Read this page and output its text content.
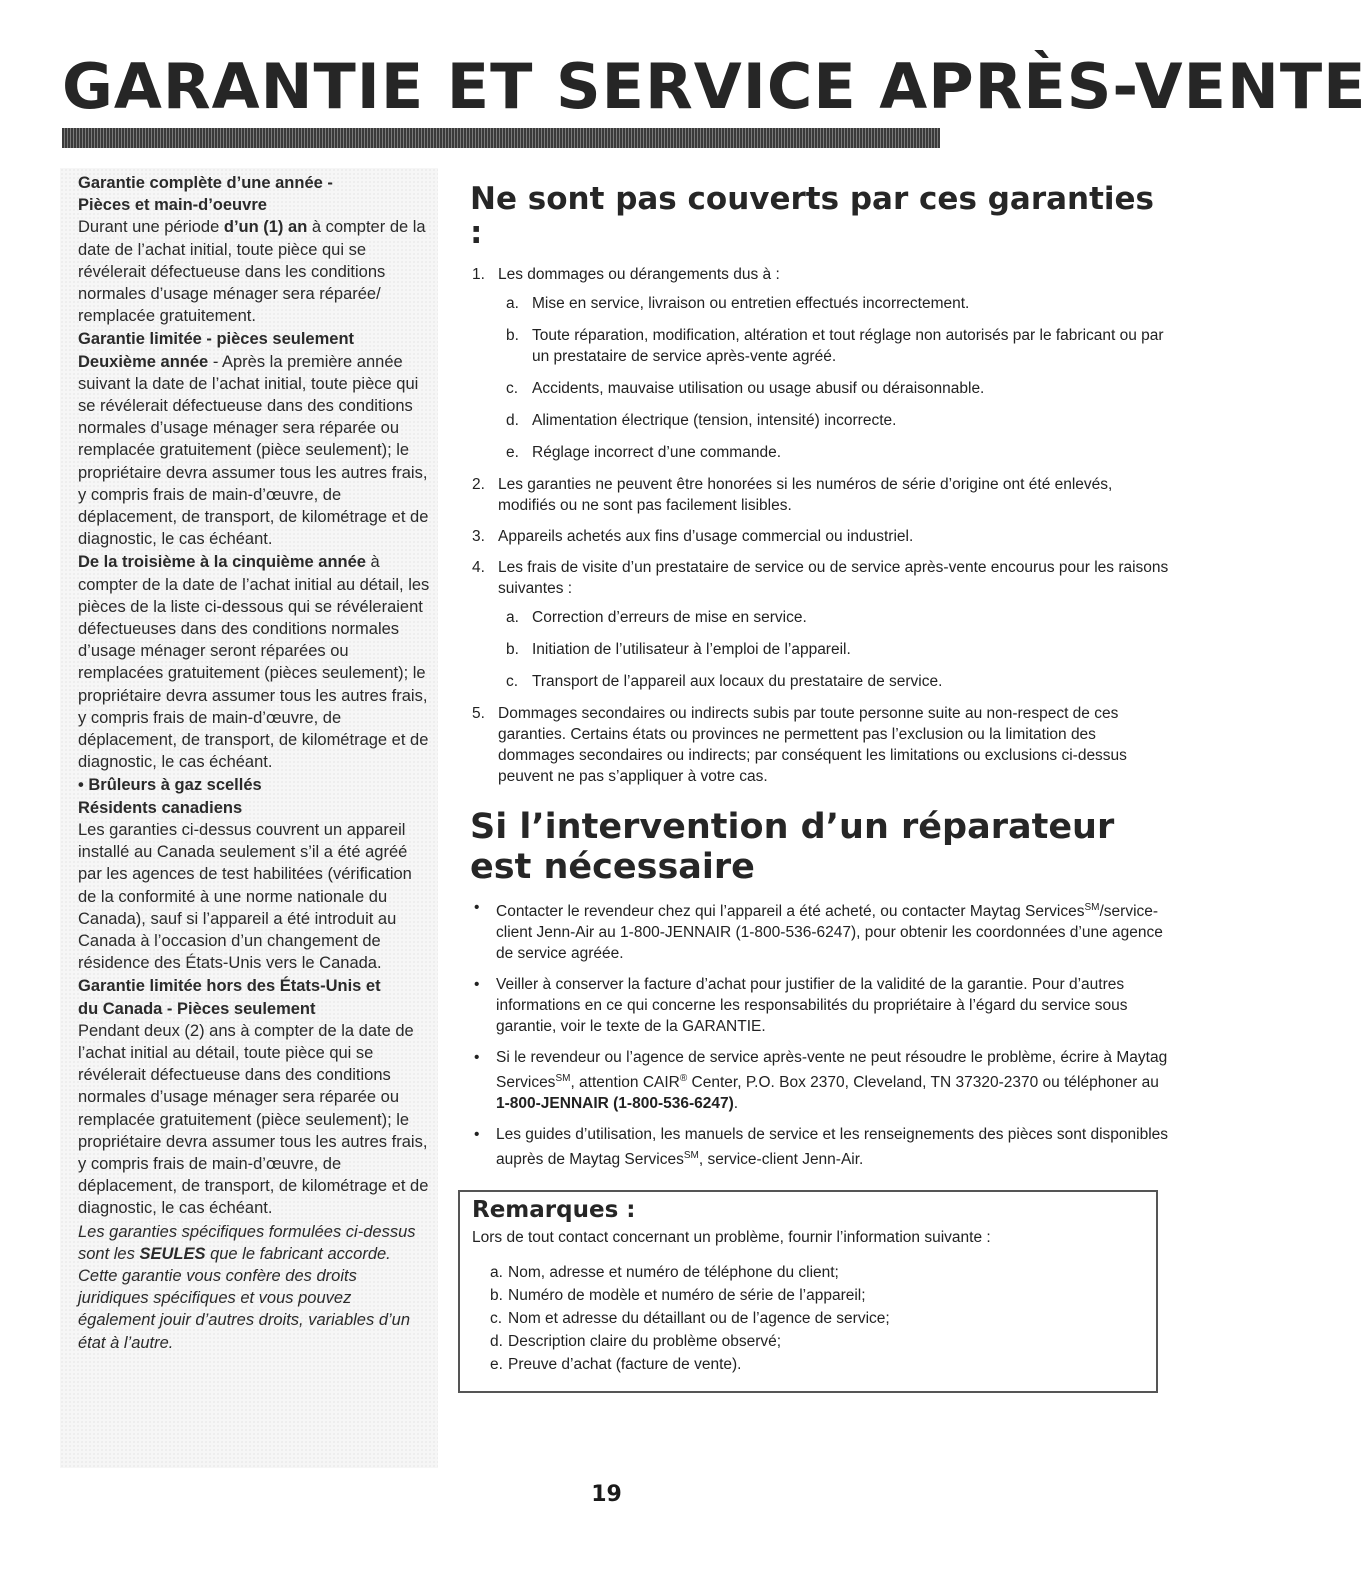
GARANTIE ET SERVICE APRÈS-VENTE

Garantie complète d’une année -

Pièces et main-d’oeuvre

Durant une période d’un (1) an à compter de la date de l’achat initial, toute pièce qui se révélerait défectueuse dans les conditions normales d’usage ménager sera réparée/ remplacée gratuitement.

Garantie limitée - pièces seulement

Deuxième année - Après la première année suivant la date de l’achat initial, toute pièce qui se révélerait défectueuse dans des conditions normales d’usage ménager sera réparée ou remplacée gratuitement (pièce seulement); le propriétaire devra assumer tous les autres frais, y compris frais de main-d’œuvre, de déplacement, de transport, de kilométrage et de diagnostic, le cas échéant.

De la troisième à la cinquième année à compter de la date de l’achat initial au détail, les pièces de la liste ci-dessous qui se révéleraient défectueuses dans des conditions normales d’usage ménager seront réparées ou remplacées gratuitement (pièces seulement); le propriétaire devra assumer tous les autres frais, y compris frais de main-d’œuvre, de déplacement, de transport, de kilométrage et de diagnostic, le cas échéant.

• Brûleurs à gaz scellés

Résidents canadiens

Les garanties ci-dessus couvrent un appareil installé au Canada seulement s’il a été agréé par les agences de test habilitées (vérification de la conformité à une norme nationale du Canada), sauf si l’appareil a été introduit au Canada à l’occasion d’un changement de résidence des États-Unis vers le Canada.

Garantie limitée hors des États-Unis et

du Canada - Pièces seulement

Pendant deux (2) ans à compter de la date de l’achat initial au détail, toute pièce qui se révélerait défectueuse dans des conditions normales d’usage ménager sera réparée ou remplacée gratuitement (pièce seulement); le propriétaire devra assumer tous les autres frais, y compris frais de main-d’œuvre, de déplacement, de transport, de kilométrage et de diagnostic, le cas échéant.

Les garanties spécifiques formulées ci-dessus sont les SEULES que le fabricant accorde. Cette garantie vous confère des droits juridiques spécifiques et vous pouvez également jouir d’autres droits, variables d’un état à l’autre.

Ne sont pas couverts par ces garanties :
1. Les dommages ou dérangements dus à :
a. Mise en service, livraison ou entretien effectués incorrectement.
b. Toute réparation, modification, altération et tout réglage non autorisés par le fabricant ou par un prestataire de service après-vente agréé.
c. Accidents, mauvaise utilisation ou usage abusif ou déraisonnable.
d. Alimentation électrique (tension, intensité) incorrecte.
e. Réglage incorrect d’une commande.
2. Les garanties ne peuvent être honorées si les numéros de série d’origine ont été enlevés, modifiés ou ne sont pas facilement lisibles.
3. Appareils achetés aux fins d’usage commercial ou industriel.
4. Les frais de visite d’un prestataire de service ou de service après-vente encourus pour les raisons suivantes :
a. Correction d’erreurs de mise en service.
b. Initiation de l’utilisateur à l’emploi de l’appareil.
c. Transport de l’appareil aux locaux du prestataire de service.
5. Dommages secondaires ou indirects subis par toute personne suite au non-respect de ces garanties. Certains états ou provinces ne permettent pas l’exclusion ou la limitation des dommages secondaires ou indirects; par conséquent les limitations ou exclusions ci-dessus peuvent ne pas s’appliquer à votre cas.
Si l’intervention d’un réparateur est nécessaire
• Contacter le revendeur chez qui l’appareil a été acheté, ou contacter Maytag Services℠/service-client Jenn-Air au 1-800-JENNAIR (1-800-536-6247), pour obtenir les coordonnées d’une agence de service agréée.
• Veiller à conserver la facture d’achat pour justifier de la validité de la garantie. Pour d’autres informations en ce qui concerne les responsabilités du propriétaire à l’égard du service sous garantie, voir le texte de la GARANTIE.
• Si le revendeur ou l’agence de service après-vente ne peut résoudre le problème, écrire à Maytag Services℠, attention CAIR® Center, P.O. Box 2370, Cleveland, TN 37320-2370 ou téléphoner au 1-800-JENNAIR (1-800-536-6247).
• Les guides d’utilisation, les manuels de service et les renseignements des pièces sont disponibles auprès de Maytag Services℠, service-client Jenn-Air.
Remarques :
Lors de tout contact concernant un problème, fournir l’information suivante :
a. Nom, adresse et numéro de téléphone du client;
b. Numéro de modèle et numéro de série de l’appareil;
c. Nom et adresse du détaillant ou de l’agence de service;
d. Description claire du problème observé;
e. Preuve d’achat (facture de vente).
19
